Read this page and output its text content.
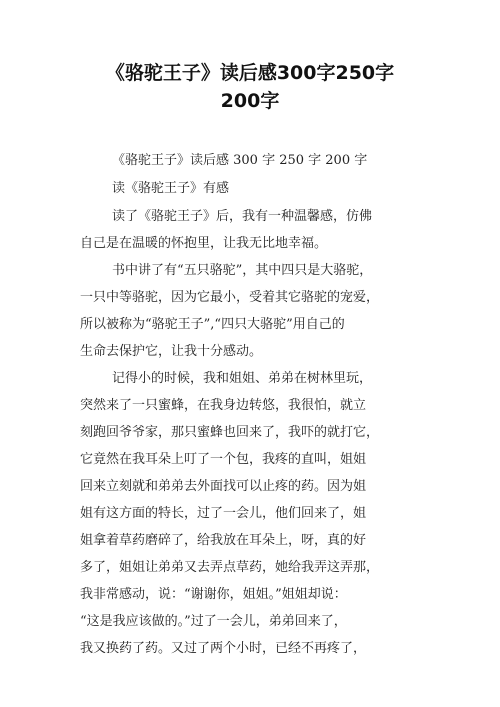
《骆驼王子》读后感300字250字
200字

《骆驼王子》读后感 300 字 250 字 200 字

读《骆驼王子》有感

读了《骆驼王子》后，我有一种温馨感，仿佛

自己是在温暖的怀抱里，让我无比地幸福。

书中讲了有“五只骆驼”，其中四只是大骆驼，

一只中等骆驼，因为它最小，受着其它骆驼的宠爱，

所以被称为“骆驼王子”,“四只大骆驼”用自己的

生命去保护它，让我十分感动。

记得小的时候，我和姐姐、弟弟在树林里玩，

突然来了一只蜜蜂，在我身边转悠，我很怕，就立

刻跑回爷爷家，那只蜜蜂也回来了，我吓的就打它，

它竟然在我耳朵上叮了一个包，我疼的直叫，姐姐

回来立刻就和弟弟去外面找可以止疼的药。因为姐

姐有这方面的特长，过了一会儿，他们回来了，姐

姐拿着草药磨碎了，给我放在耳朵上，呀，真的好

多了，姐姐让弟弟又去弄点草药，她给我弄这弄那，

我非常感动，说：“谢谢你，姐姐。”姐姐却说：

“这是我应该做的。”过了一会儿，弟弟回来了，

我又换药了药。又过了两个小时，已经不再疼了，
